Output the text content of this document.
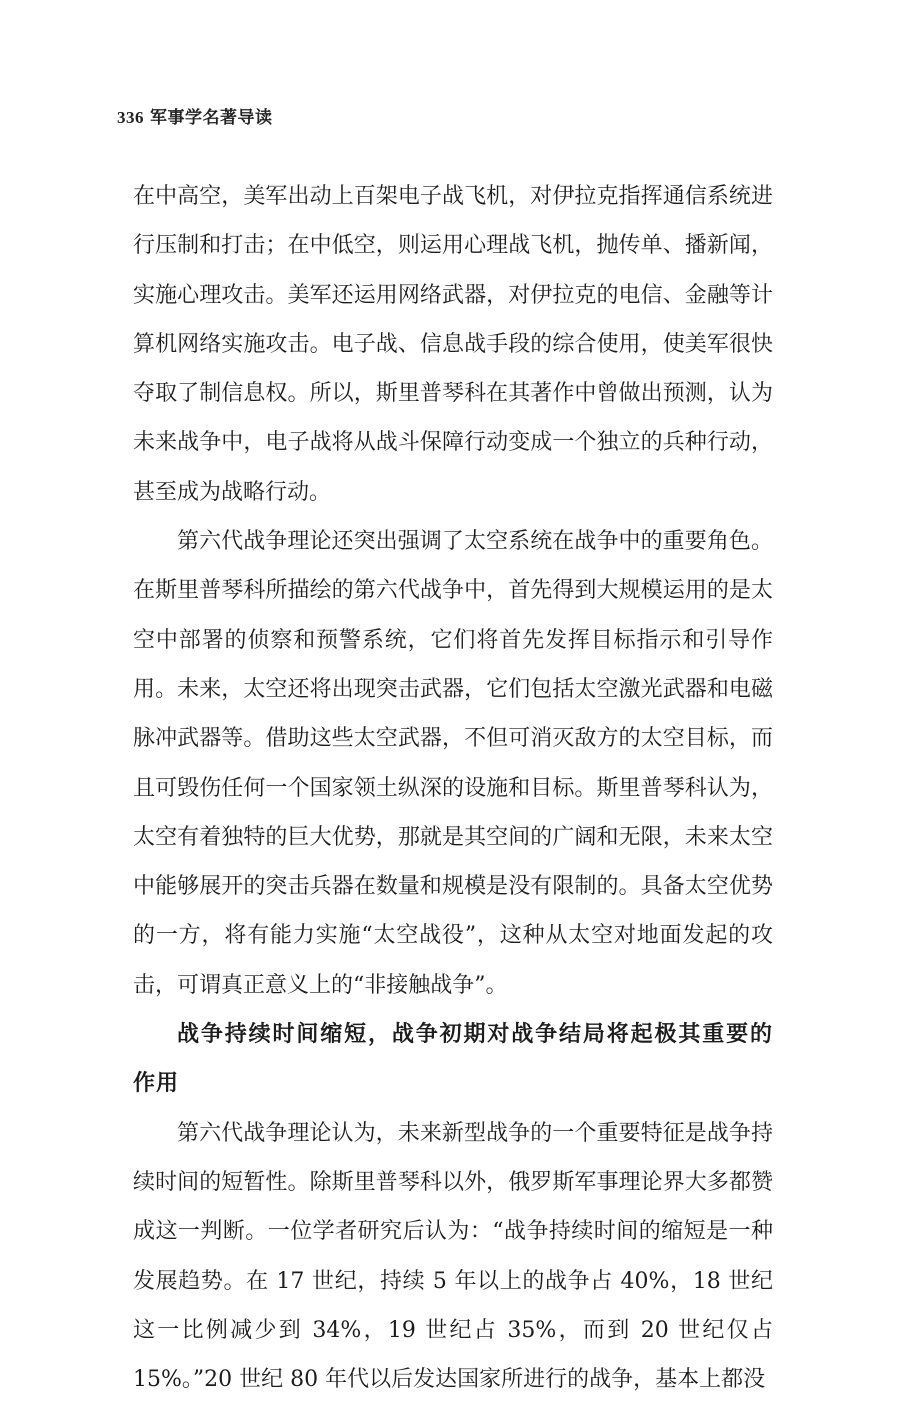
336 军事学名著导读

在中高空，美军出动上百架电子战飞机，对伊拉克指挥通信系统进行压制和打击；在中低空，则运用心理战飞机，抛传单、播新闻，实施心理攻击。美军还运用网络武器，对伊拉克的电信、金融等计算机网络实施攻击。电子战、信息战手段的综合使用，使美军很快夺取了制信息权。所以，斯里普琴科在其著作中曾做出预测，认为未来战争中，电子战将从战斗保障行动变成一个独立的兵种行动，甚至成为战略行动。

第六代战争理论还突出强调了太空系统在战争中的重要角色。在斯里普琴科所描绘的第六代战争中，首先得到大规模运用的是太空中部署的侦察和预警系统，它们将首先发挥目标指示和引导作用。未来，太空还将出现突击武器，它们包括太空激光武器和电磁脉冲武器等。借助这些太空武器，不但可消灭敌方的太空目标，而且可毁伤任何一个国家领土纵深的设施和目标。斯里普琴科认为，太空有着独特的巨大优势，那就是其空间的广阔和无限，未来太空中能够展开的突击兵器在数量和规模是没有限制的。具备太空优势的一方，将有能力实施“太空战役”，这种从太空对地面发起的攻击，可谓真正意义上的“非接触战争”。

战争持续时间缩短，战争初期对战争结局将起极其重要的作用

第六代战争理论认为，未来新型战争的一个重要特征是战争持续时间的短暂性。除斯里普琴科以外，俄罗斯军事理论界大多都赞成这一判断。一位学者研究后认为：“战争持续时间的缩短是一种发展趋势。在 17 世纪，持续 5 年以上的战争占 40%，18 世纪这一比例减少到 34%，19 世纪占 35%，而到 20 世纪仅占 15%。”20 世纪 80 年代以后发达国家所进行的战争，基本上都没
